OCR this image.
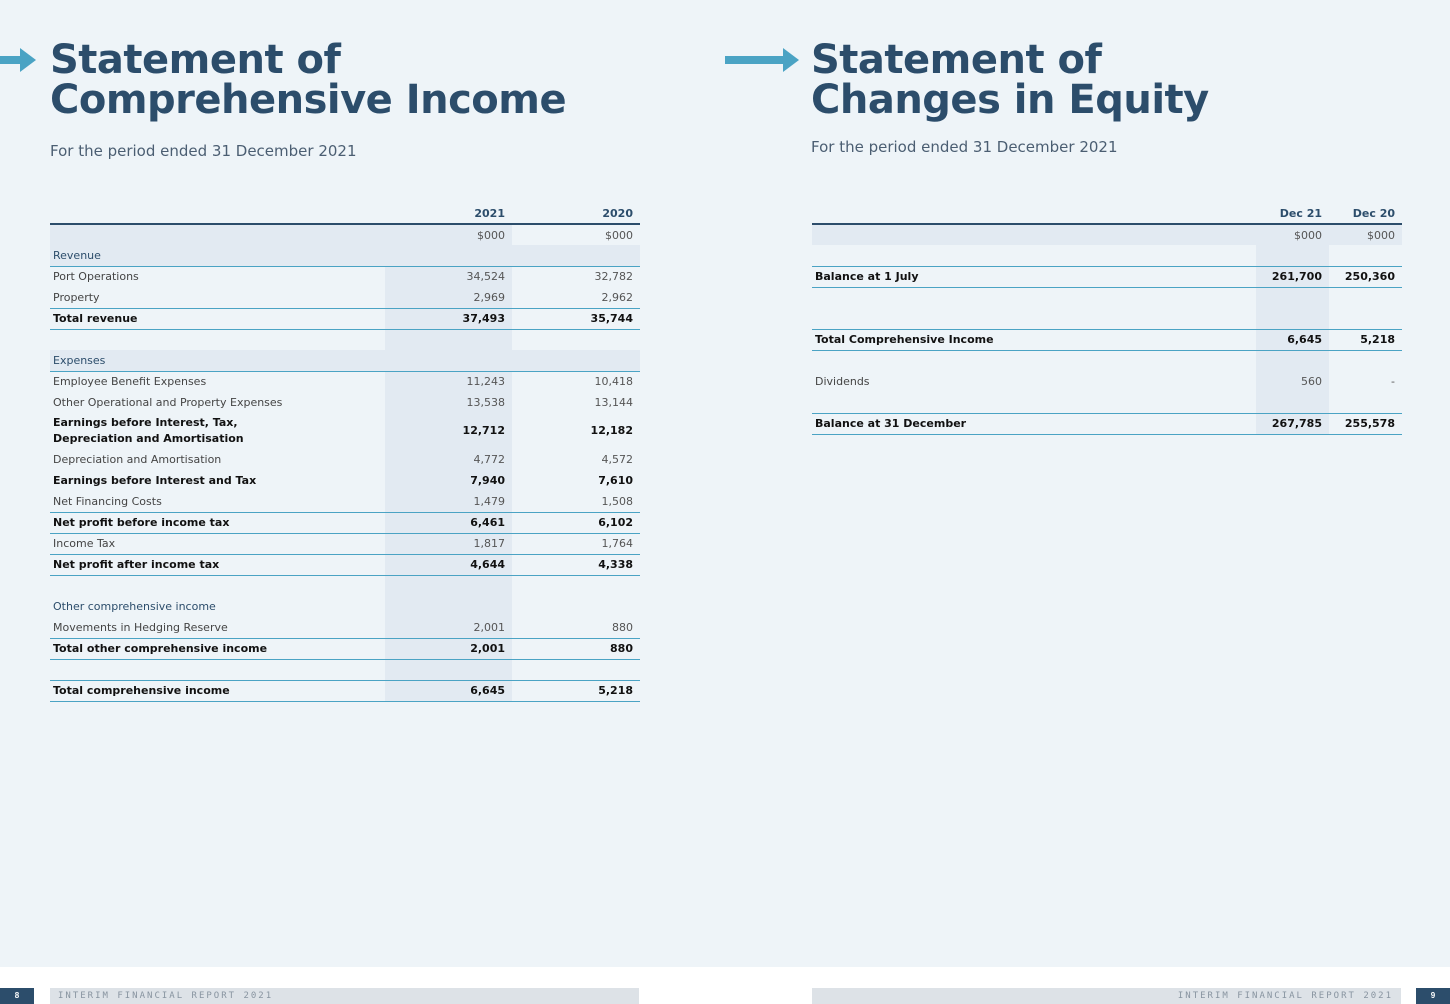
Statement of
Comprehensive Income
For the period ended 31 December 2021
	2021	2020
	$000	$000
Revenue		
Port Operations	34,524	32,782
Property	2,969	2,962
Total revenue	37,493	35,744

Expenses		
Employee Benefit Expenses	11,243	10,418
Other Operational and Property Expenses	13,538	13,144

Earnings before Interest, Tax,
Depreciation and Amortisation	12,712	12,182
Depreciation and Amortisation	4,772	4,572
Earnings before Interest and Tax	7,940	7,610
Net Financing Costs	1,479	1,508
Net profit before income tax	6,461	6,102
Income Tax	1,817	1,764
Net profit after income tax	4,644	4,338

Other comprehensive income		
Movements in Hedging Reserve	2,001	880
Total other comprehensive income	2,001	880

Total comprehensive income	6,645	5,218
Statement of
Changes in Equity
For the period ended 31 December 2021
	Dec 21	Dec 20
	$000	$000

Balance at 1 July	261,700	250,360

Total Comprehensive Income	6,645	5,218

Dividends	560	-

Balance at 31 December	267,785	255,578
8	INTERIM FINANCIAL REPORT 2021	INTERIM FINANCIAL REPORT 2021	9
